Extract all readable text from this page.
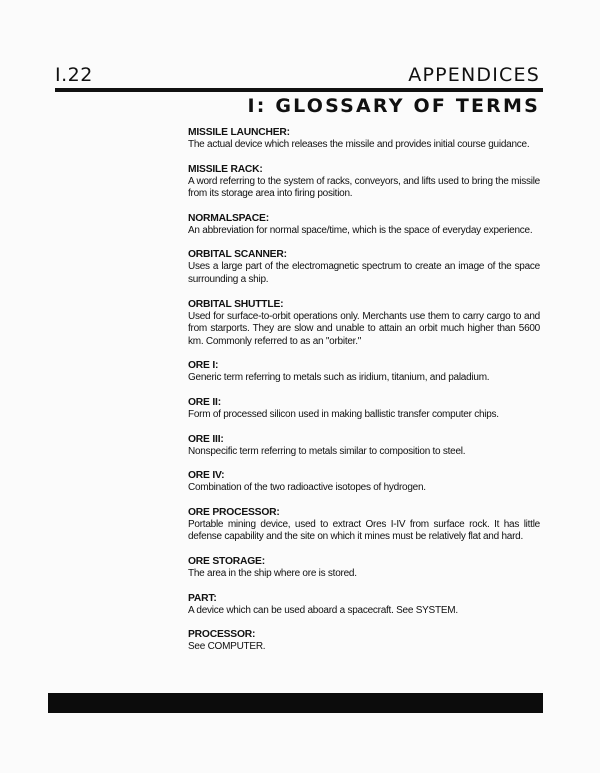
I.22	APPENDICES
I: GLOSSARY OF TERMS
MISSILE LAUNCHER:
The actual device which releases the missile and provides initial course guidance.
MISSILE RACK:
A word referring to the system of racks, conveyors, and lifts used to bring the missile from its storage area into firing position.
NORMALSPACE:
An abbreviation for normal space/time, which is the space of everyday experience.
ORBITAL SCANNER:
Uses a large part of the electromagnetic spectrum to create an image of the space surrounding a ship.
ORBITAL SHUTTLE:
Used for surface-to-orbit operations only. Merchants use them to carry cargo to and from starports. They are slow and unable to attain an orbit much higher than 5600 km. Commonly referred to as an "orbiter."
ORE I:
Generic term referring to metals such as iridium, titanium, and paladium.
ORE II:
Form of processed silicon used in making ballistic transfer computer chips.
ORE III:
Nonspecific term referring to metals similar to composition to steel.
ORE IV:
Combination of the two radioactive isotopes of hydrogen.
ORE PROCESSOR:
Portable mining device, used to extract Ores I-IV from surface rock. It has little defense capability and the site on which it mines must be relatively flat and hard.
ORE STORAGE:
The area in the ship where ore is stored.
PART:
A device which can be used aboard a spacecraft. See SYSTEM.
PROCESSOR:
See COMPUTER.
